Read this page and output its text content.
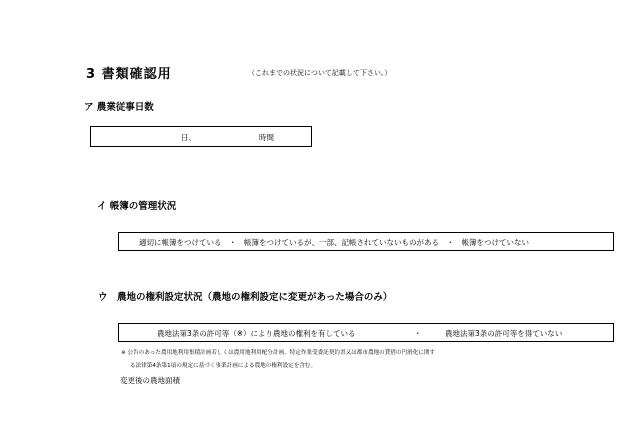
3 書類確認用	（これまでの状況について記載して下さい。）
ア 農業従事日数
日、	時間
イ 帳簿の管理状況
適切に帳簿をつけている　・　帳簿をつけているが、一部、記帳されていないものがある　・　帳簿をつけていない
ウ　農地の権利設定状況（農地の権利設定に変更があった場合のみ）
農地法第3条の許可等（※）により農地の権利を有している	・	農地法第3条の許可等を得ていない
※ 公告のあった農用地利用集積計画若しくは農用地利用配分計画、特定作業受委託契約書又は都市農地の貸借の円滑化に関す
る法律第4条第1項の規定に基づく事業計画による農地の権利設定を含む。
変更後の農地面積
